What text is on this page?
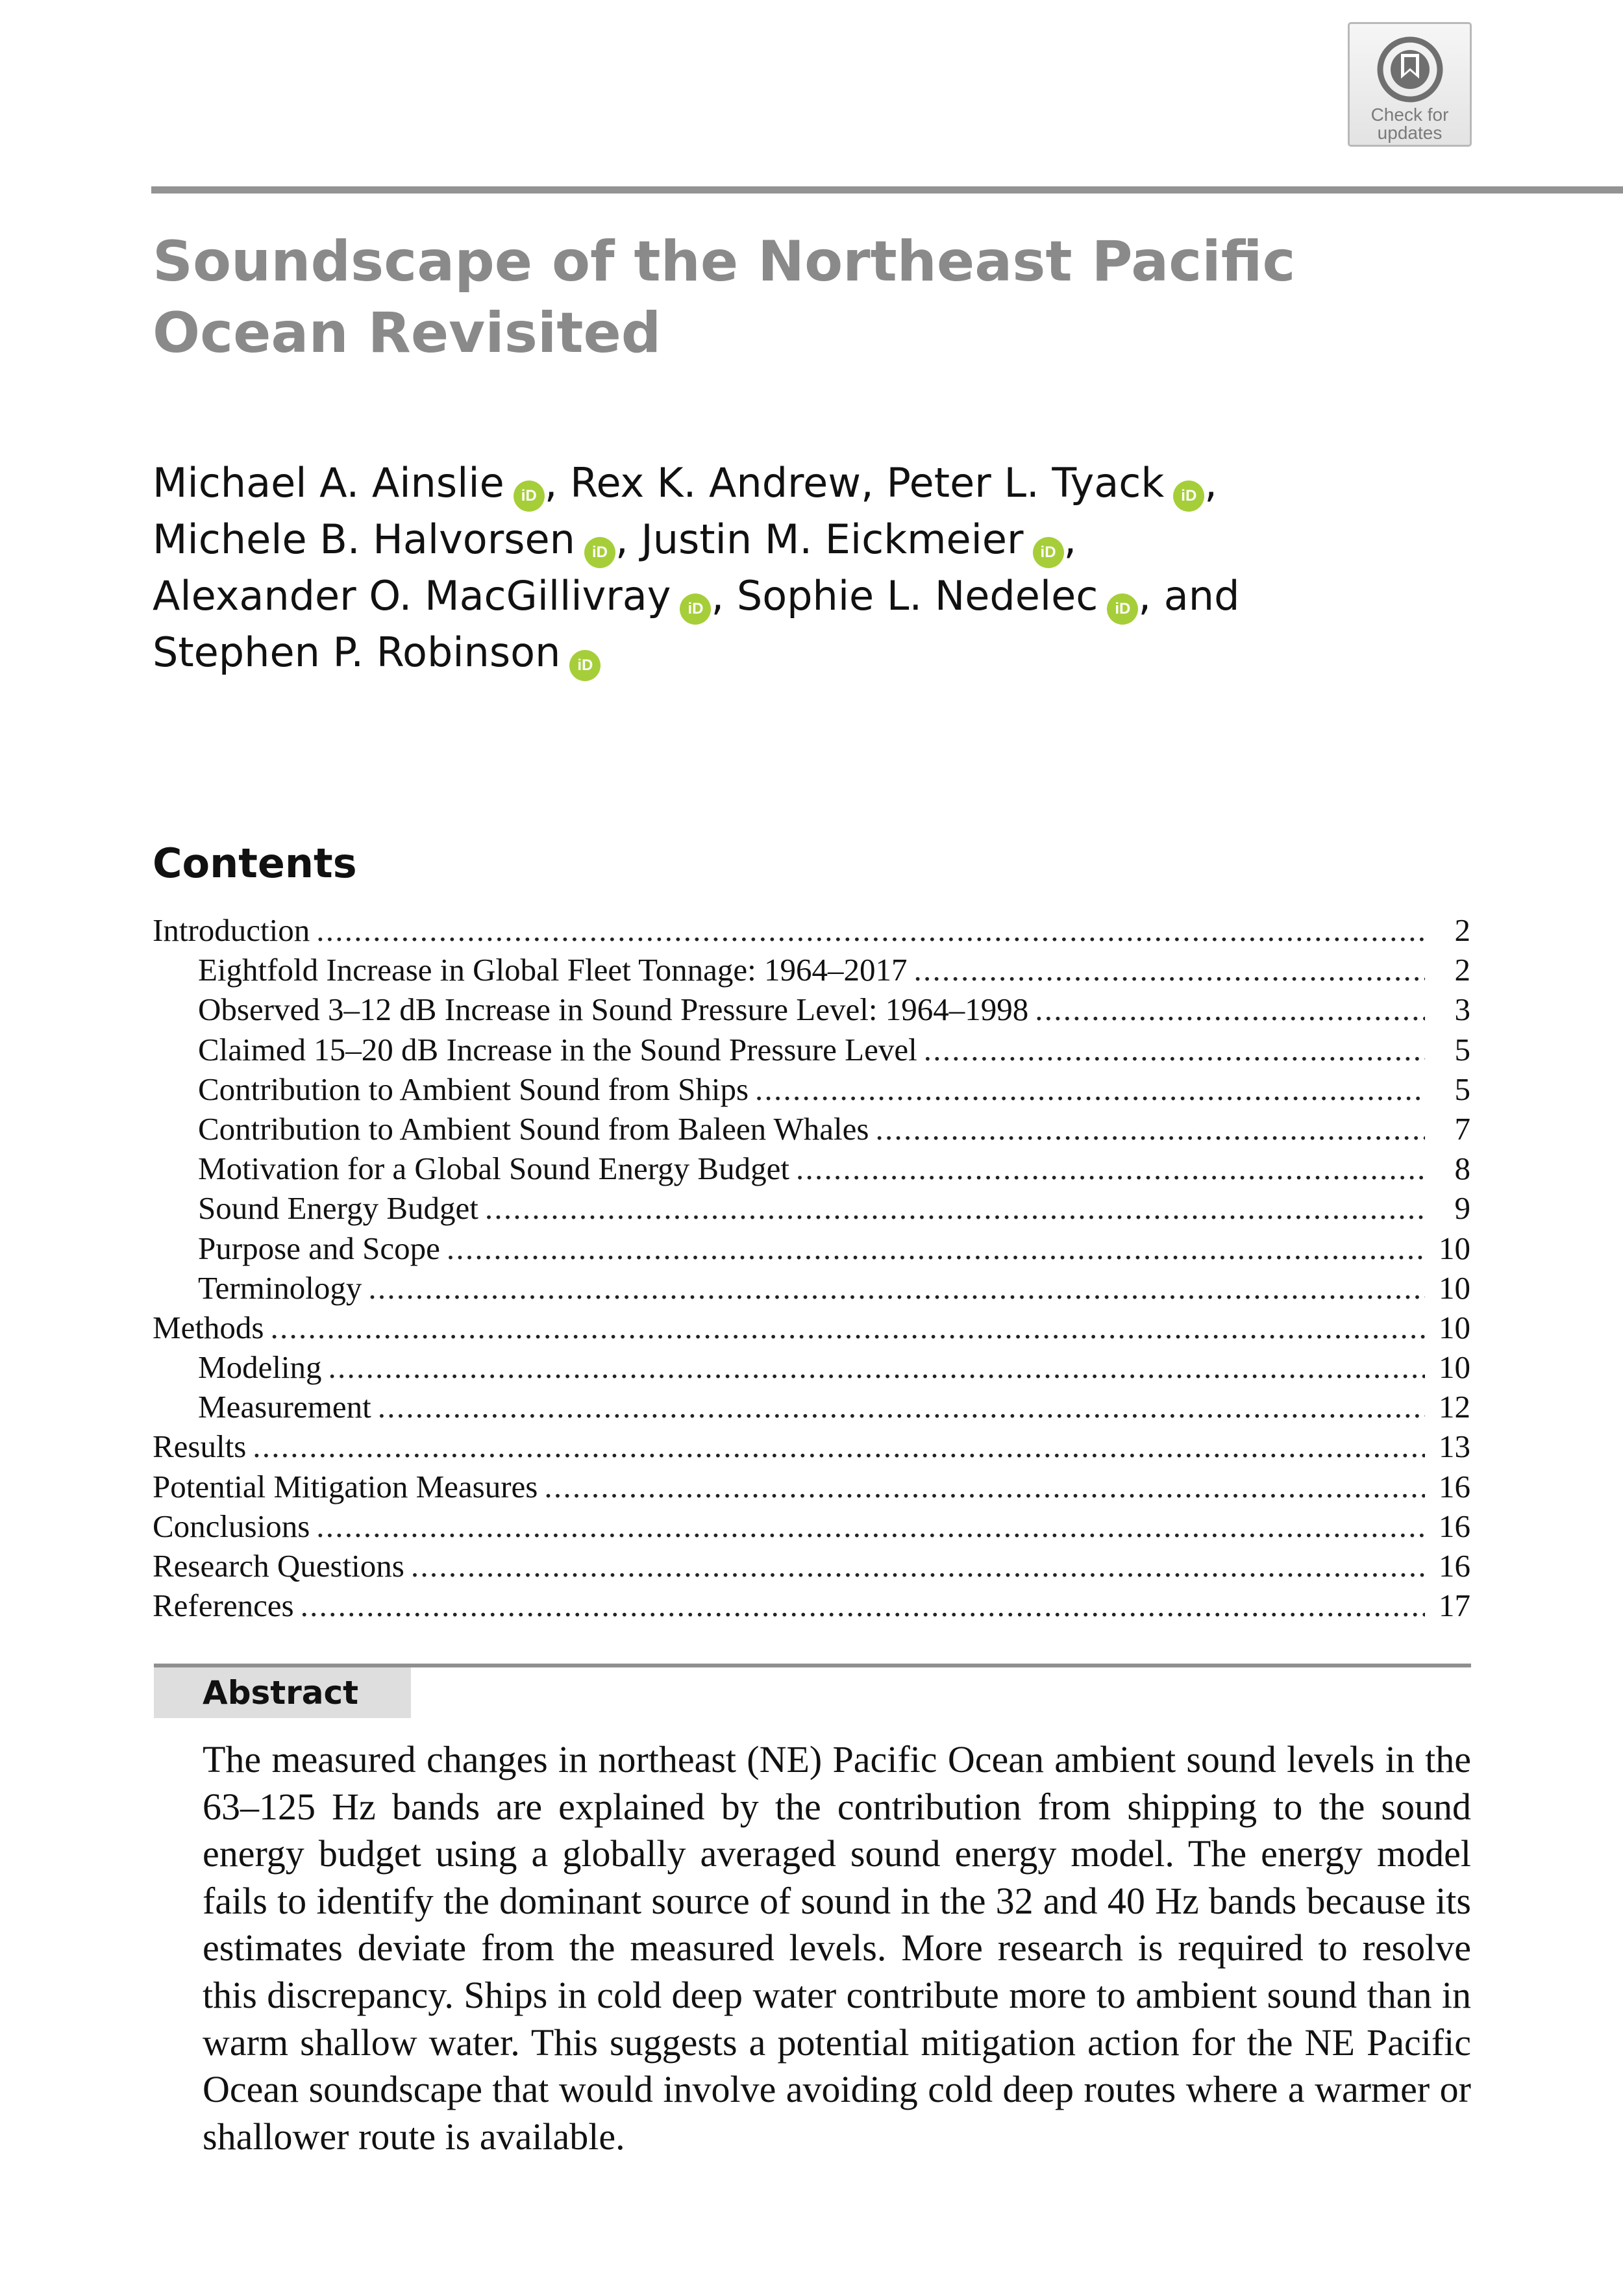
Check for
updates
Soundscape of the Northeast Pacific Ocean Revisited

Michael A. Ainslie iD , Rex K. Andrew, Peter L. Tyack iD ,
Michele B. Halvorsen iD , Justin M. Eickmeier iD ,
Alexander O. MacGillivray iD , Sophie L. Nedelec iD , and
Stephen P. Robinson iD

Contents
Introduction . . .	2
Eightfold Increase in Global Fleet Tonnage: 1964–2017 . . .	2
Observed 3–12 dB Increase in Sound Pressure Level: 1964–1998 . . .	3
Claimed 15–20 dB Increase in the Sound Pressure Level . . .	5
Contribution to Ambient Sound from Ships . . .	5
Contribution to Ambient Sound from Baleen Whales . . .	7
Motivation for a Global Sound Energy Budget . . .	8
Sound Energy Budget . . .	9
Purpose and Scope . . .	10
Terminology . . .	10
Methods . . .	10
Modeling . . .	10
Measurement . . .	12
Results . . .	13
Potential Mitigation Measures . . .	16
Conclusions . . .	16
Research Questions . . .	16
References . . .	17
Abstract

The measured changes in northeast (NE) Pacific Ocean ambient sound levels in the 63–125 Hz bands are explained by the contribution from shipping to the sound energy budget using a globally averaged sound energy model. The energy model fails to identify the dominant source of sound in the 32 and 40 Hz bands because its estimates deviate from the measured levels. More research is required to resolve this discrepancy. Ships in cold deep water contribute more to ambient sound than in warm shallow water. This suggests a potential mitigation action for the NE Pacific Ocean soundscape that would involve avoiding cold deep routes where a warmer or shallower route is available.
